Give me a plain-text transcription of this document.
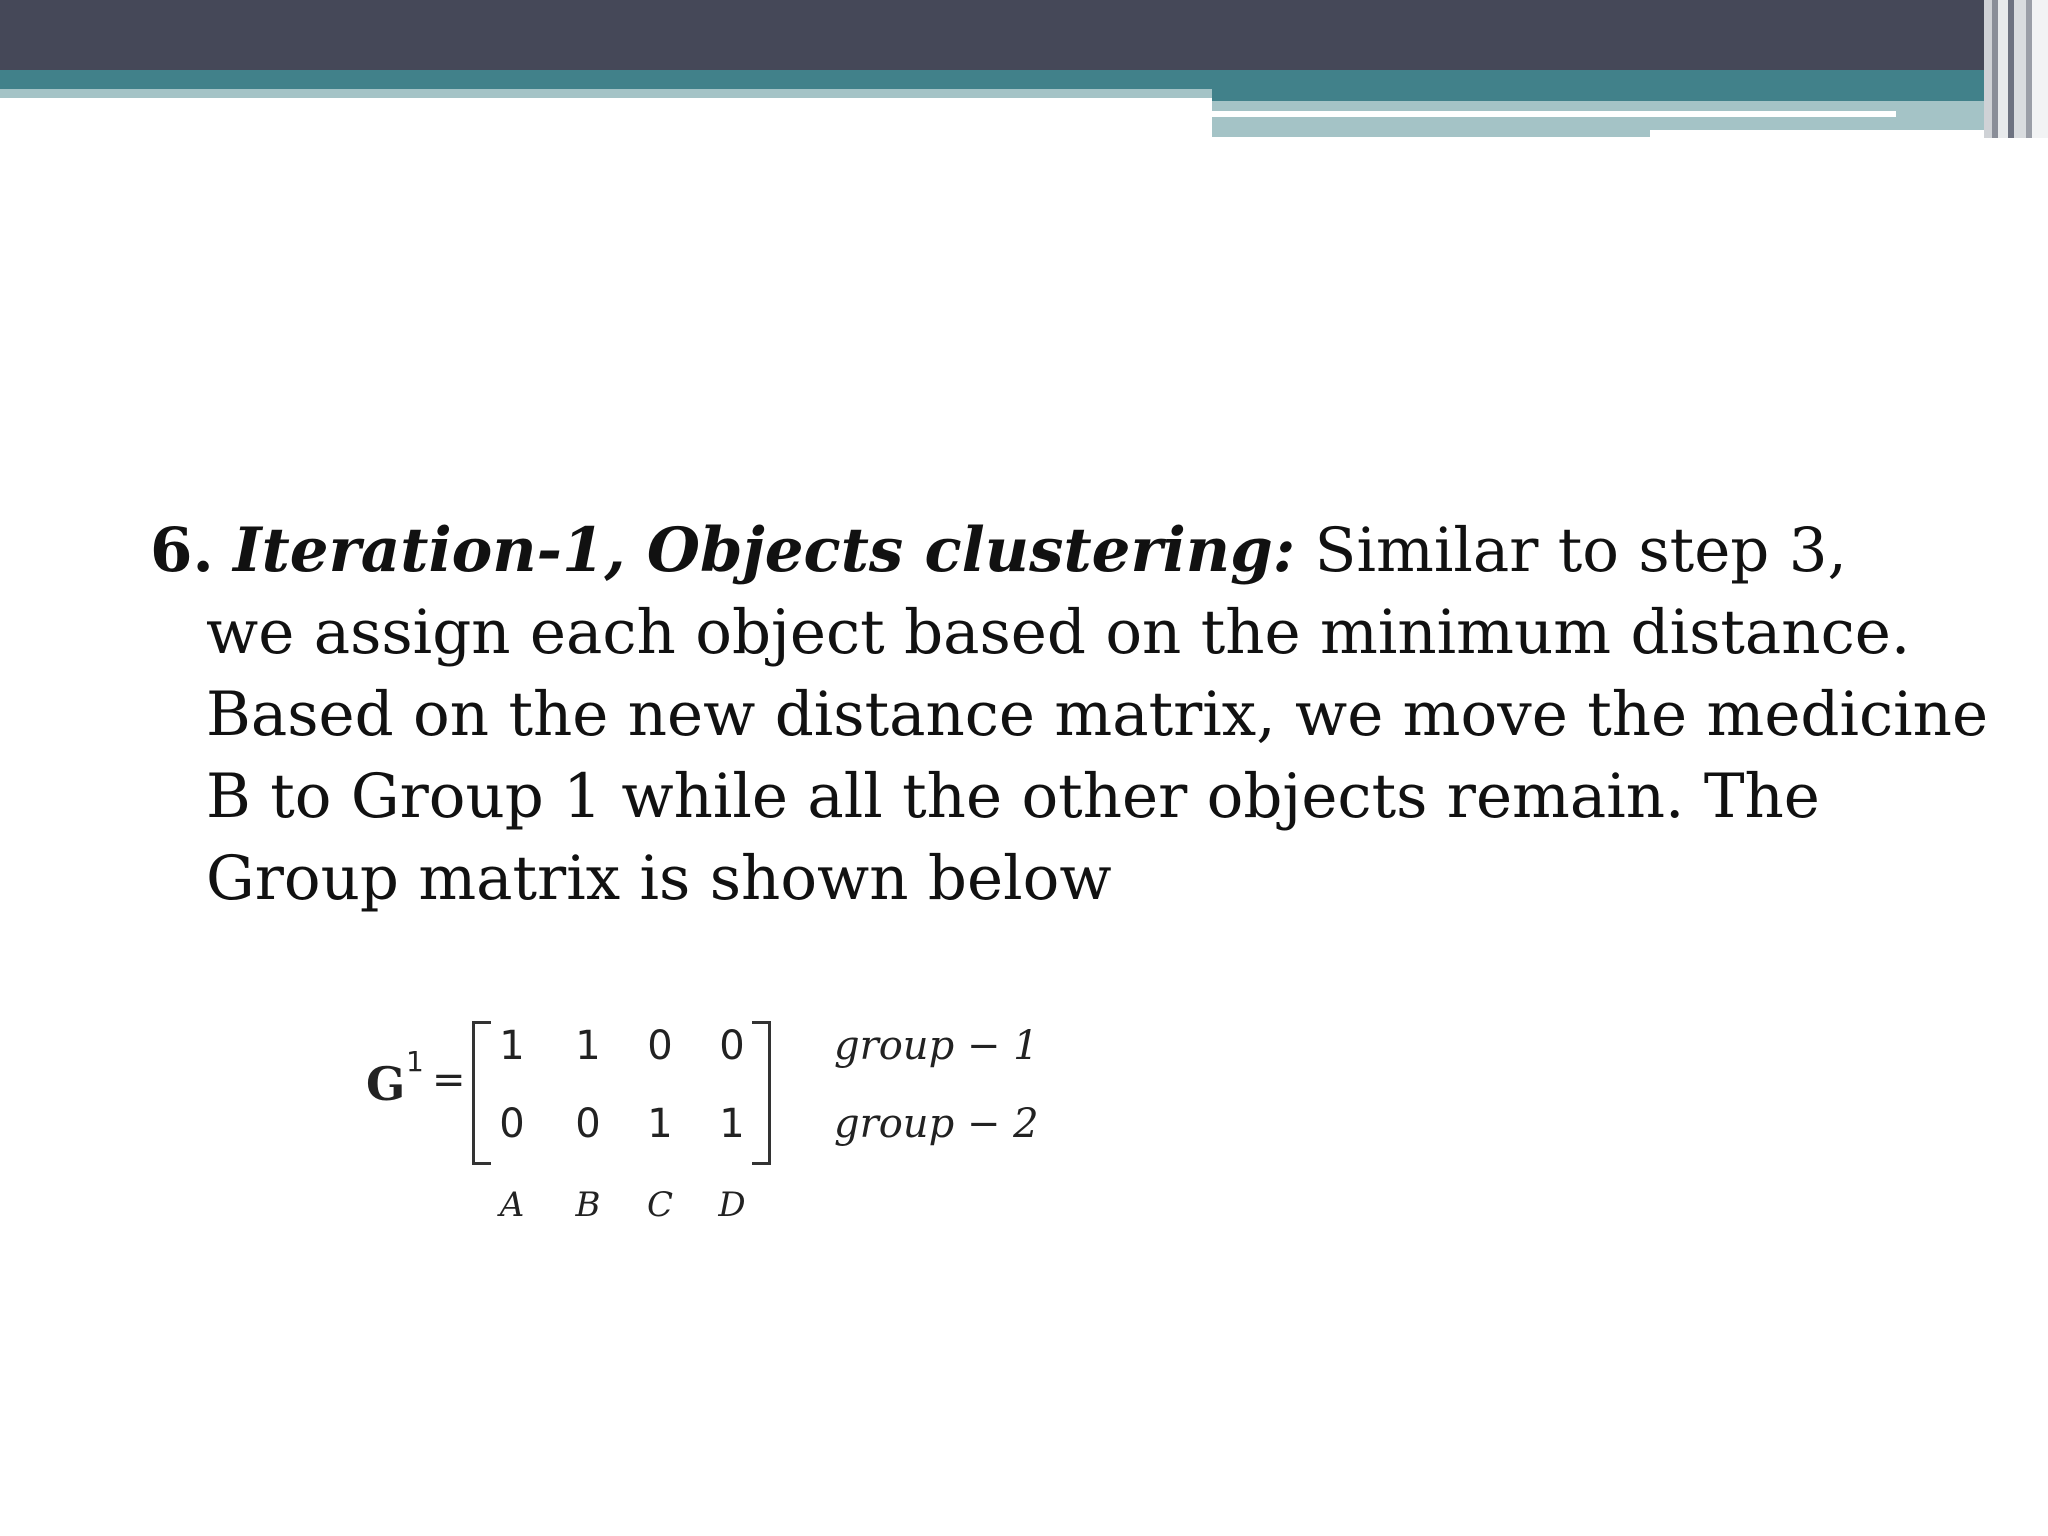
6. Iteration-1, Objects clustering: Similar to step 3,
we assign each object based on the minimum distance.
Based on the new distance matrix, we move the medicine
B to Group 1 while all the other objects remain. The
Group matrix is shown below
G 1 =
1 1 0 0
0 0 1 1
group − 1
group − 2
A B C D
